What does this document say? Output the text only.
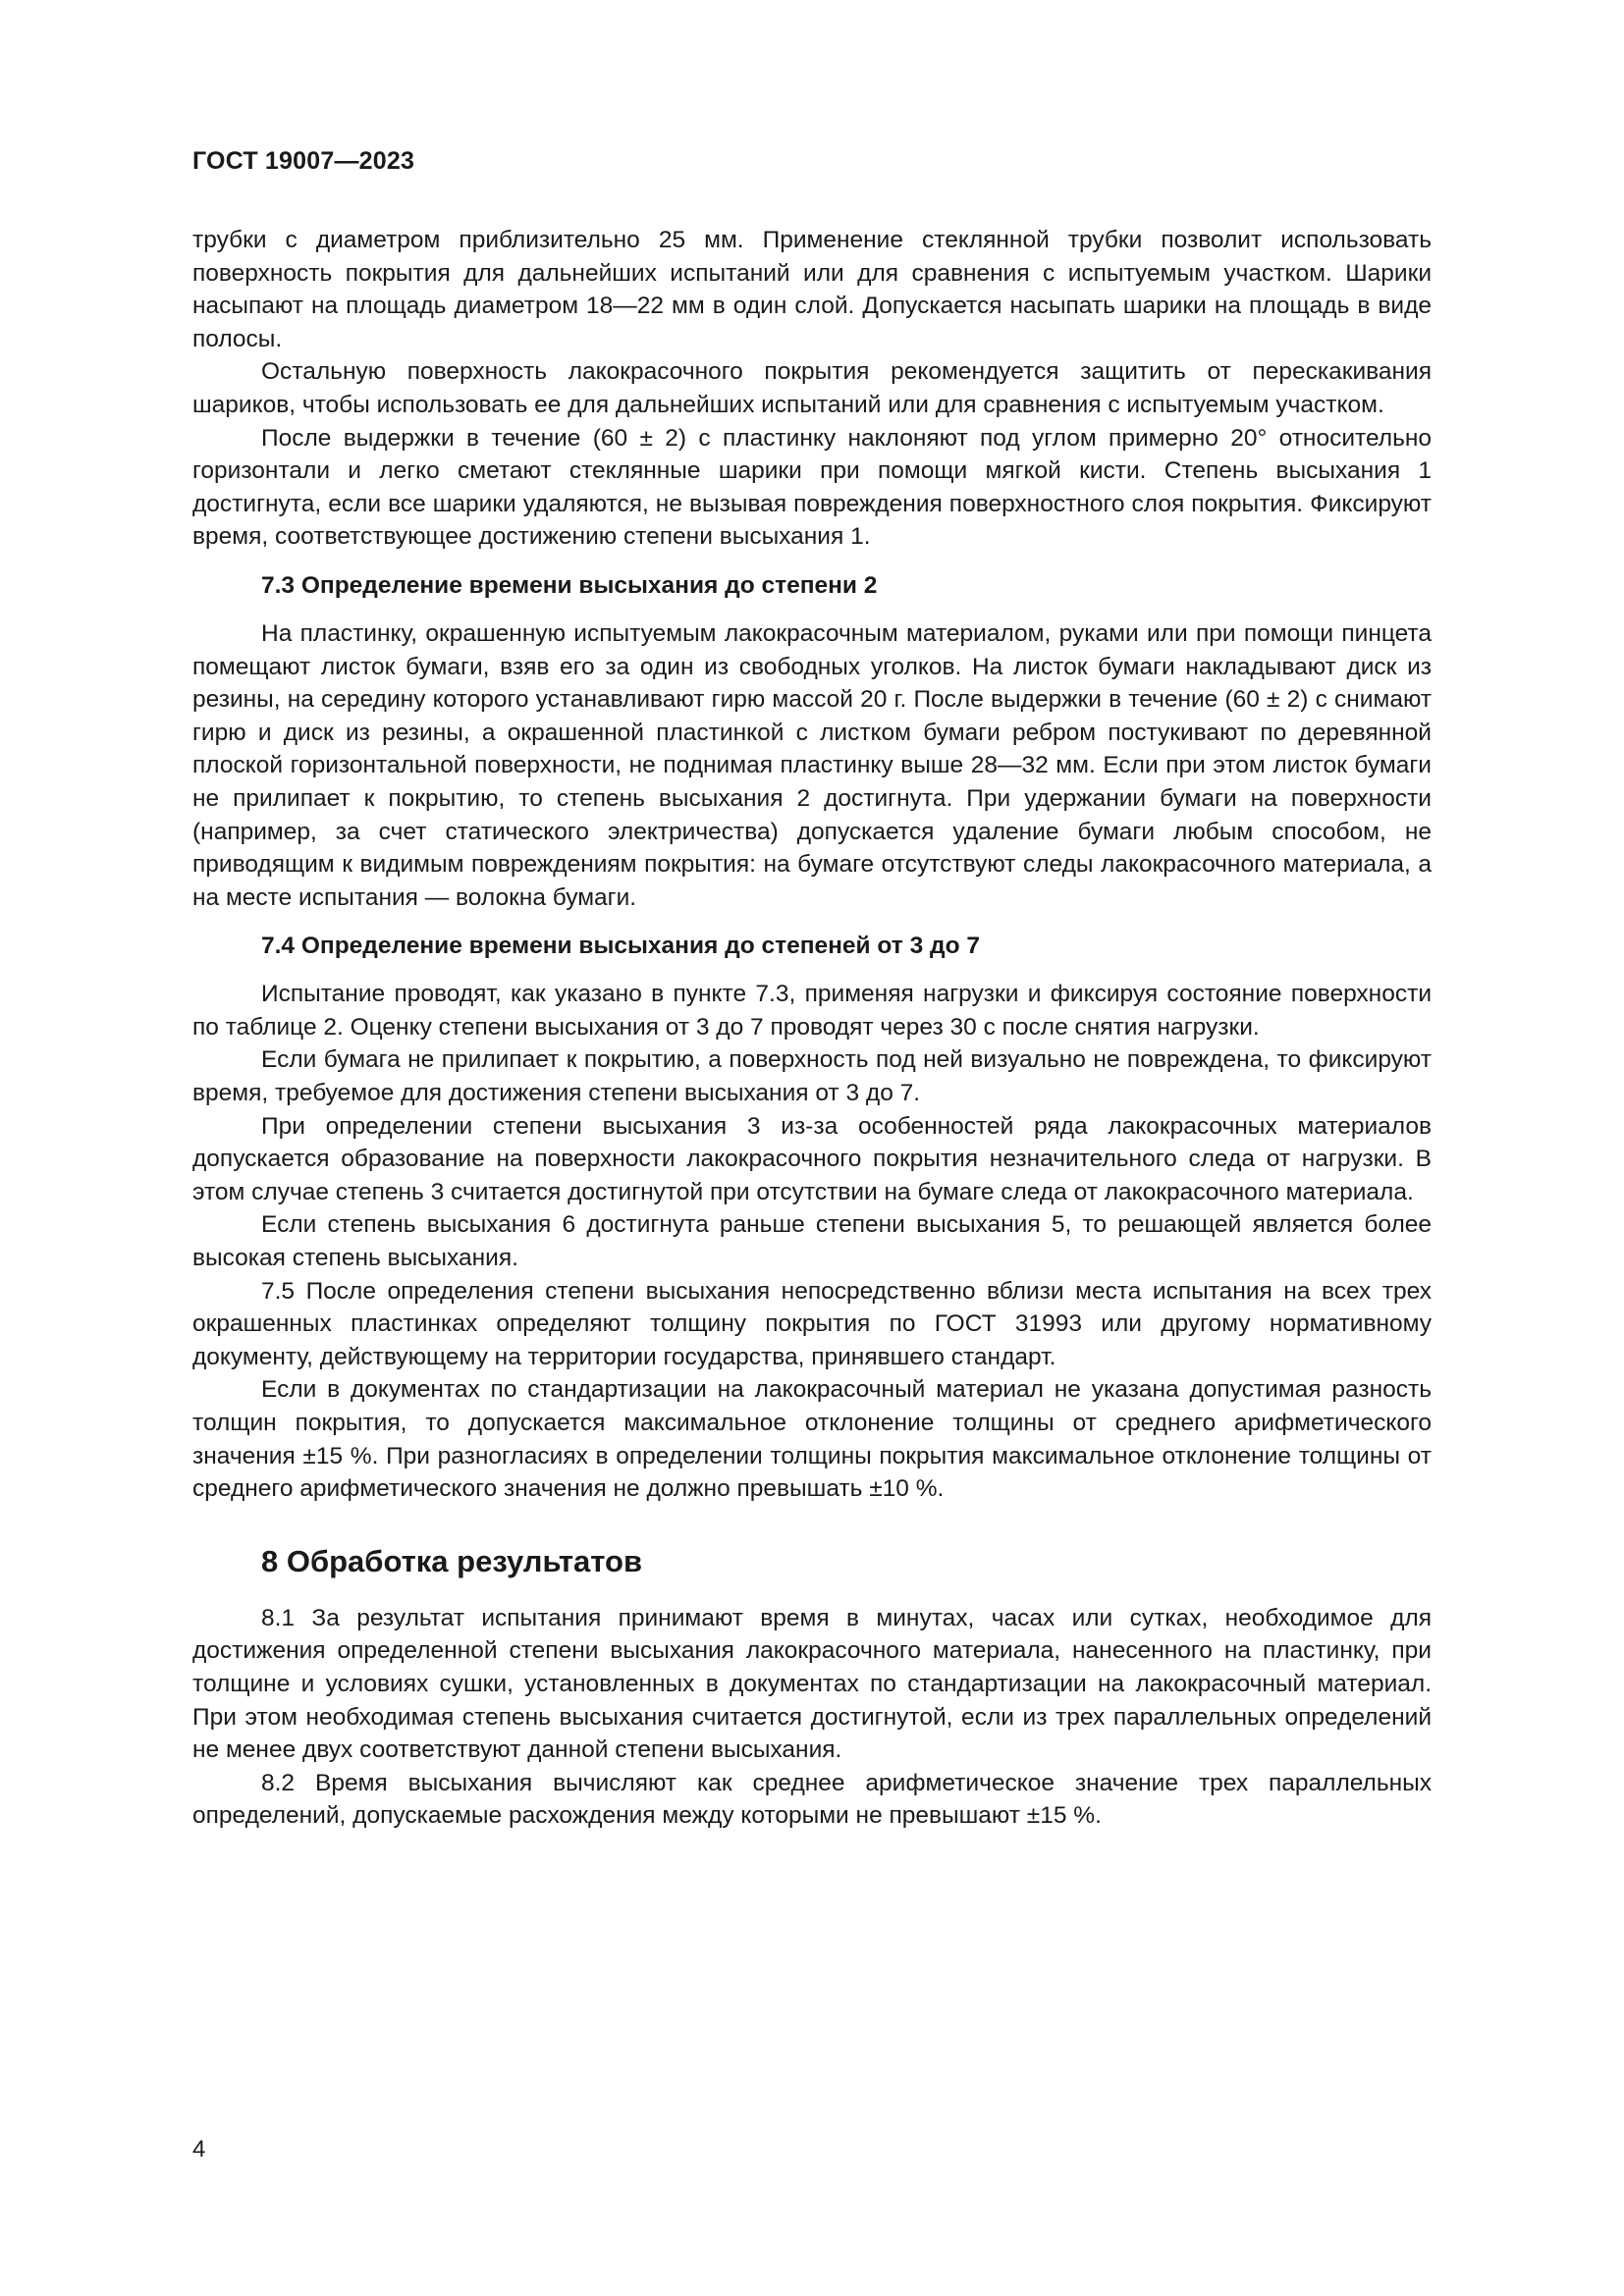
ГОСТ 19007—2023

трубки с диаметром приблизительно 25 мм. Применение стеклянной трубки позволит использовать поверхность покрытия для дальнейших испытаний или для сравнения с испытуемым участком. Шарики насыпают на площадь диаметром 18—22 мм в один слой. Допускается насыпать шарики на площадь в виде полосы.

Остальную поверхность лакокрасочного покрытия рекомендуется защитить от перескакивания шариков, чтобы использовать ее для дальнейших испытаний или для сравнения с испытуемым участком.

После выдержки в течение (60 ± 2) с пластинку наклоняют под углом примерно 20° относительно горизонтали и легко сметают стеклянные шарики при помощи мягкой кисти. Степень высыхания 1 достигнута, если все шарики удаляются, не вызывая повреждения поверхностного слоя покрытия. Фиксируют время, соответствующее достижению степени высыхания 1.

7.3 Определение времени высыхания до степени 2

На пластинку, окрашенную испытуемым лакокрасочным материалом, руками или при помощи пинцета помещают листок бумаги, взяв его за один из свободных уголков. На листок бумаги накладывают диск из резины, на середину которого устанавливают гирю массой 20 г. После выдержки в течение (60 ± 2) с снимают гирю и диск из резины, а окрашенной пластинкой с листком бумаги ребром постукивают по деревянной плоской горизонтальной поверхности, не поднимая пластинку выше 28—32 мм. Если при этом листок бумаги не прилипает к покрытию, то степень высыхания 2 достигнута. При удержании бумаги на поверхности (например, за счет статического электричества) допускается удаление бумаги любым способом, не приводящим к видимым повреждениям покрытия: на бумаге отсутствуют следы лакокрасочного материала, а на месте испытания — волокна бумаги.

7.4 Определение времени высыхания до степеней от 3 до 7

Испытание проводят, как указано в пункте 7.3, применяя нагрузки и фиксируя состояние поверхности по таблице 2. Оценку степени высыхания от 3 до 7 проводят через 30 с после снятия нагрузки.

Если бумага не прилипает к покрытию, а поверхность под ней визуально не повреждена, то фиксируют время, требуемое для достижения степени высыхания от 3 до 7.

При определении степени высыхания 3 из-за особенностей ряда лакокрасочных материалов допускается образование на поверхности лакокрасочного покрытия незначительного следа от нагрузки. В этом случае степень 3 считается достигнутой при отсутствии на бумаге следа от лакокрасочного материала.

Если степень высыхания 6 достигнута раньше степени высыхания 5, то решающей является более высокая степень высыхания.

7.5 После определения степени высыхания непосредственно вблизи места испытания на всех трех окрашенных пластинках определяют толщину покрытия по ГОСТ 31993 или другому нормативному документу, действующему на территории государства, принявшего стандарт.

Если в документах по стандартизации на лакокрасочный материал не указана допустимая разность толщин покрытия, то допускается максимальное отклонение толщины от среднего арифметического значения ±15 %. При разногласиях в определении толщины покрытия максимальное отклонение толщины от среднего арифметического значения не должно превышать ±10 %.

8 Обработка результатов

8.1 За результат испытания принимают время в минутах, часах или сутках, необходимое для достижения определенной степени высыхания лакокрасочного материала, нанесенного на пластинку, при толщине и условиях сушки, установленных в документах по стандартизации на лакокрасочный материал. При этом необходимая степень высыхания считается достигнутой, если из трех параллельных определений не менее двух соответствуют данной степени высыхания.

8.2 Время высыхания вычисляют как среднее арифметическое значение трех параллельных определений, допускаемые расхождения между которыми не превышают ±15 %.

4
